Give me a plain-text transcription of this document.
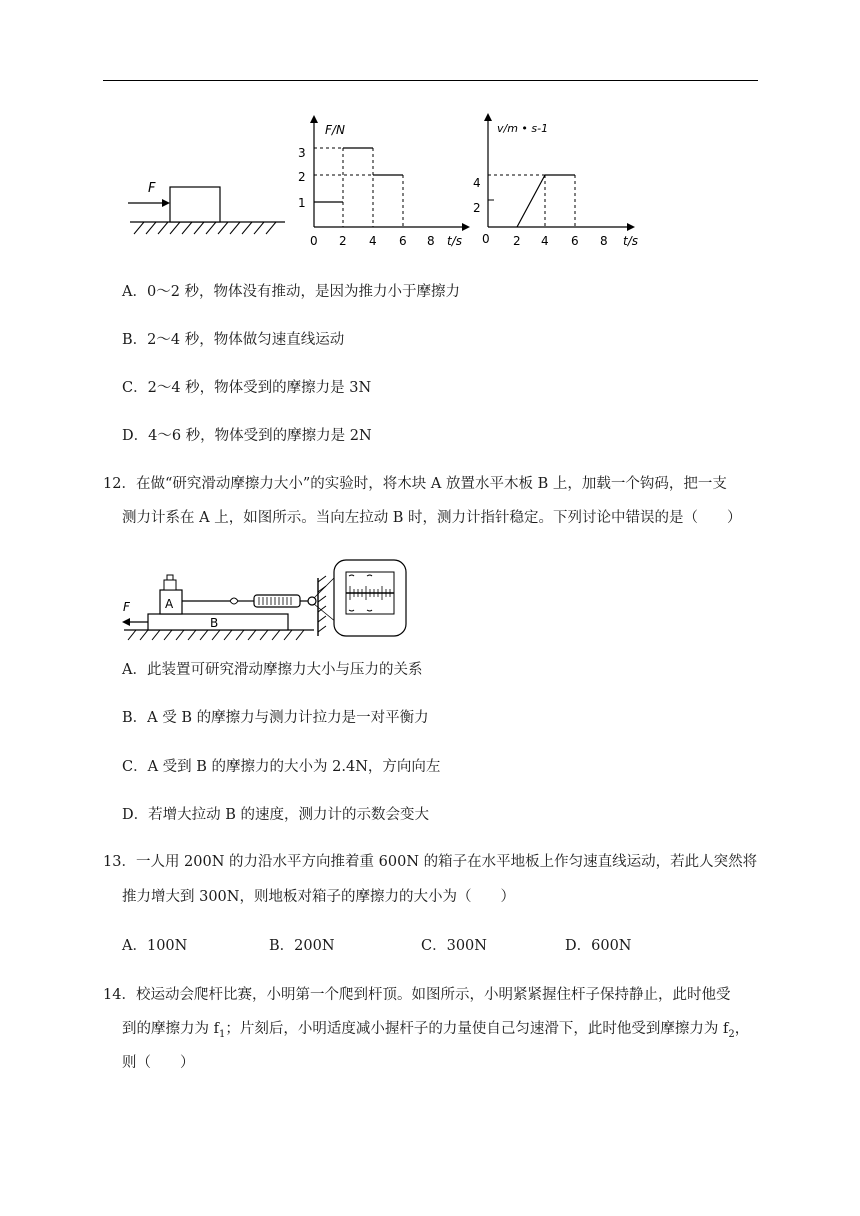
F
F/N
1
2
3
0 2 4 6 8 t/s
v/m • s-1
2
4
0 2 4 6 8 t/s
A．0～2 秒，物体没有推动，是因为推力小于摩擦力
B．2～4 秒，物体做匀速直线运动
C．2～4 秒，物体受到的摩擦力是 3N
D．4～6 秒，物体受到的摩擦力是 2N
12．在做“研究滑动摩擦力大小”的实验时，将木块 A 放置水平木板 B 上，加载一个钩码，把一支
测力计系在 A 上，如图所示。当向左拉动 B 时，测力计指针稳定。下列讨论中错误的是（　　）
B
A
F
A．此装置可研究滑动摩擦力大小与压力的关系
B．A 受 B 的摩擦力与测力计拉力是一对平衡力
C．A 受到 B 的摩擦力的大小为 2.4N，方向向左
D．若增大拉动 B 的速度，测力计的示数会变大
13．一人用 200N 的力沿水平方向推着重 600N 的箱子在水平地板上作匀速直线运动，若此人突然将
推力增大到 300N，则地板对箱子的摩擦力的大小为（　　）
A．100N	B．200N	C．300N	D．600N
14．校运动会爬杆比赛，小明第一个爬到杆顶。如图所示，小明紧紧握住杆子保持静止，此时他受
到的摩擦力为 $f_1$；片刻后，小明适度减小握杆子的力量使自己匀速滑下，此时他受到摩擦力为 $f_2$，
则（　　）
